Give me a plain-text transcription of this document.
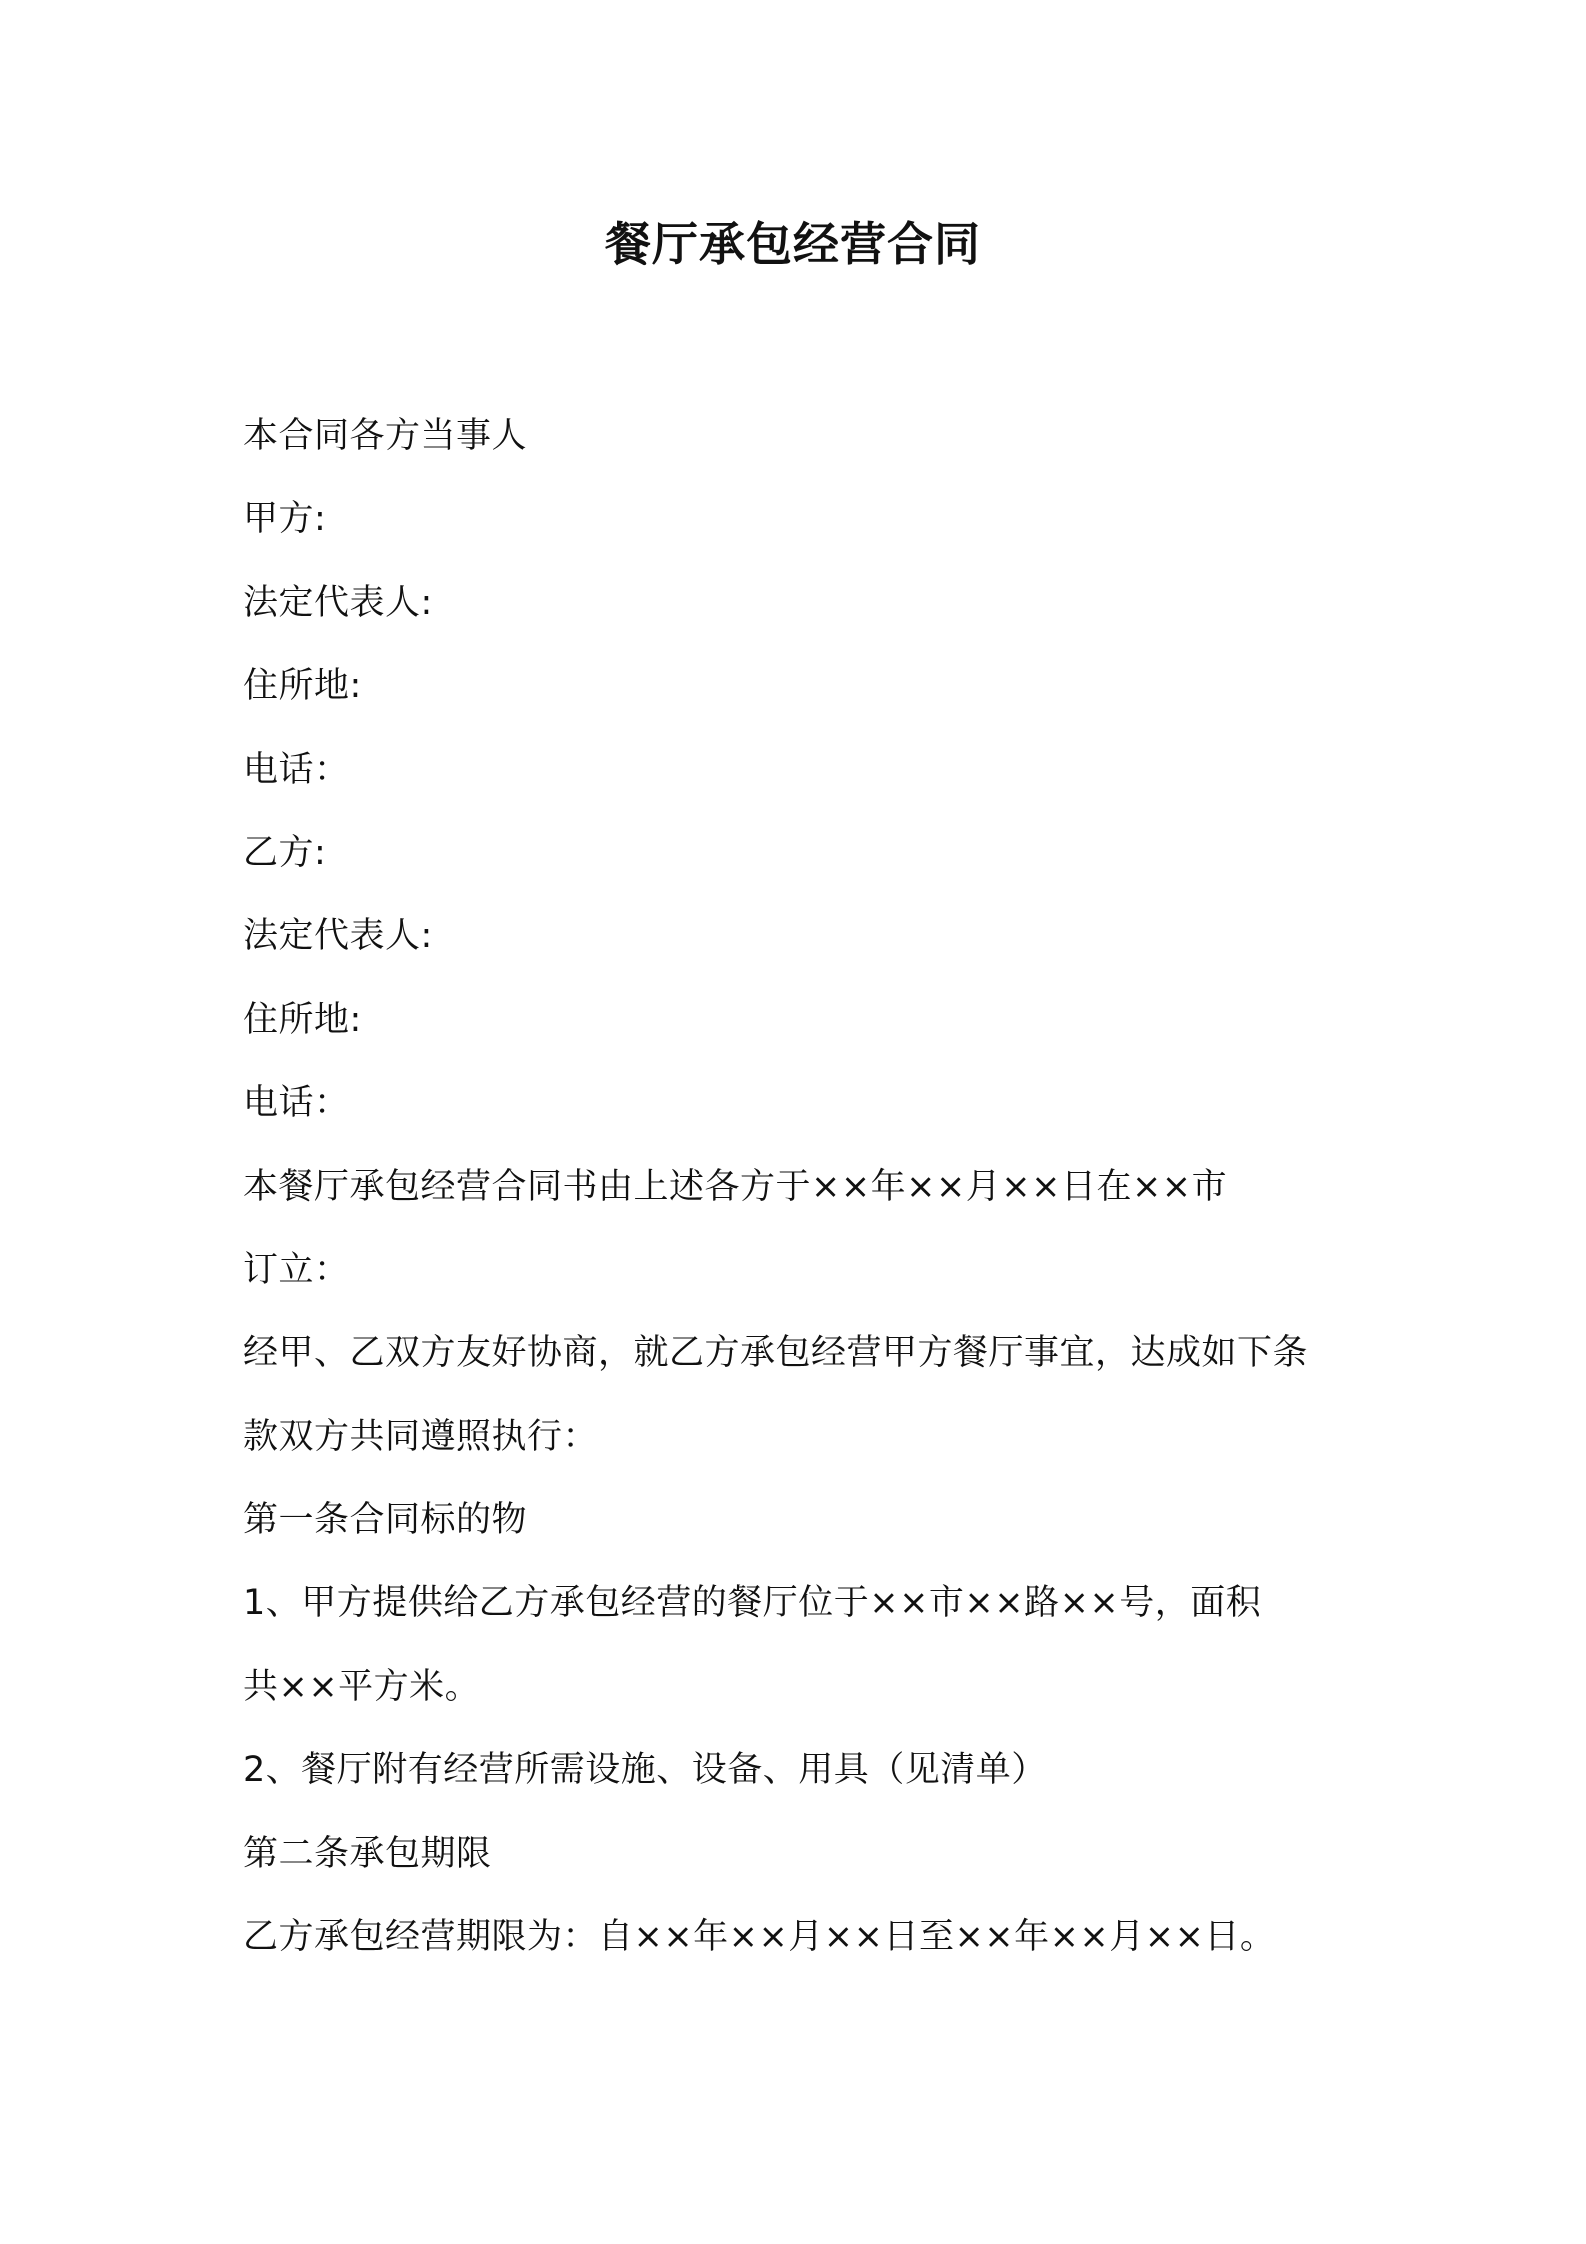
餐厅承包经营合同
本合同各方当事人
甲方:
法定代表人:
住所地:
电话：
乙方:
法定代表人:
住所地:
电话：
本餐厅承包经营合同书由上述各方于××年××月××日在××市
订立：
经甲、乙双方友好协商，就乙方承包经营甲方餐厅事宜，达成如下条
款双方共同遵照执行：
第一条合同标的物
1、甲方提供给乙方承包经营的餐厅位于××市××路××号，面积
共××平方米。
2、餐厅附有经营所需设施、设备、用具（见清单）
第二条承包期限
乙方承包经营期限为：自××年××月××日至××年××月××日。
